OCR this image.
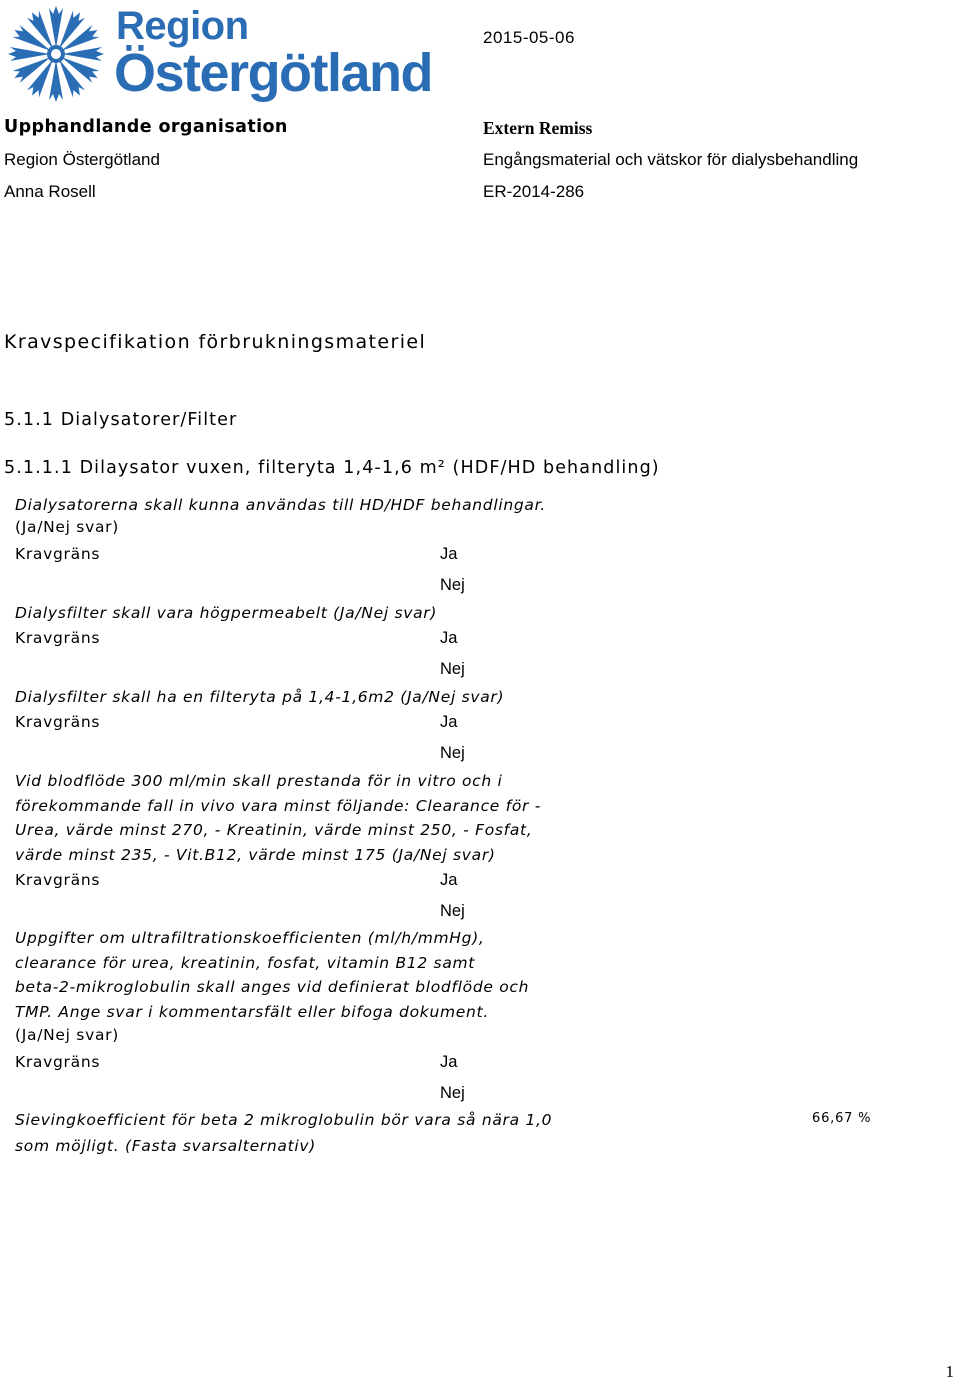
Region
Östergötland
2015-05-06
Upphandlande organisation
Region Östergötland
Anna Rosell
Extern Remiss
Engångsmaterial och vätskor för dialysbehandling
ER-2014-286
Kravspecifikation förbrukningsmateriel
5.1.1 Dialysatorer/Filter
5.1.1.1 Dilaysator vuxen, filteryta 1,4-1,6 m² (HDF/HD behandling)
Dialysatorerna skall kunna användas till HD/HDF behandlingar.
(Ja/Nej svar)
Kravgräns	Ja
Nej
Dialysfilter skall vara högpermeabelt (Ja/Nej svar)
Kravgräns	Ja
Nej
Dialysfilter skall ha en filteryta på 1,4-1,6m2 (Ja/Nej svar)
Kravgräns	Ja
Nej
Vid blodflöde 300 ml/min skall prestanda för in vitro och i
förekommande fall in vivo vara minst följande: Clearance för -
Urea, värde minst 270, - Kreatinin, värde minst 250, - Fosfat,
värde minst 235, - Vit.B12, värde minst 175 (Ja/Nej svar)
Kravgräns	Ja
Nej
Uppgifter om ultrafiltrationskoefficienten (ml/h/mmHg),
clearance för urea, kreatinin, fosfat, vitamin B12 samt
beta-2-mikroglobulin skall anges vid definierat blodflöde och
TMP. Ange svar i kommentarsfält eller bifoga dokument.
(Ja/Nej svar)
Kravgräns	Ja
Nej
Sievingkoefficient för beta 2 mikroglobulin bör vara så nära 1,0
som möjligt. (Fasta svarsalternativ)
66,67 %
1
